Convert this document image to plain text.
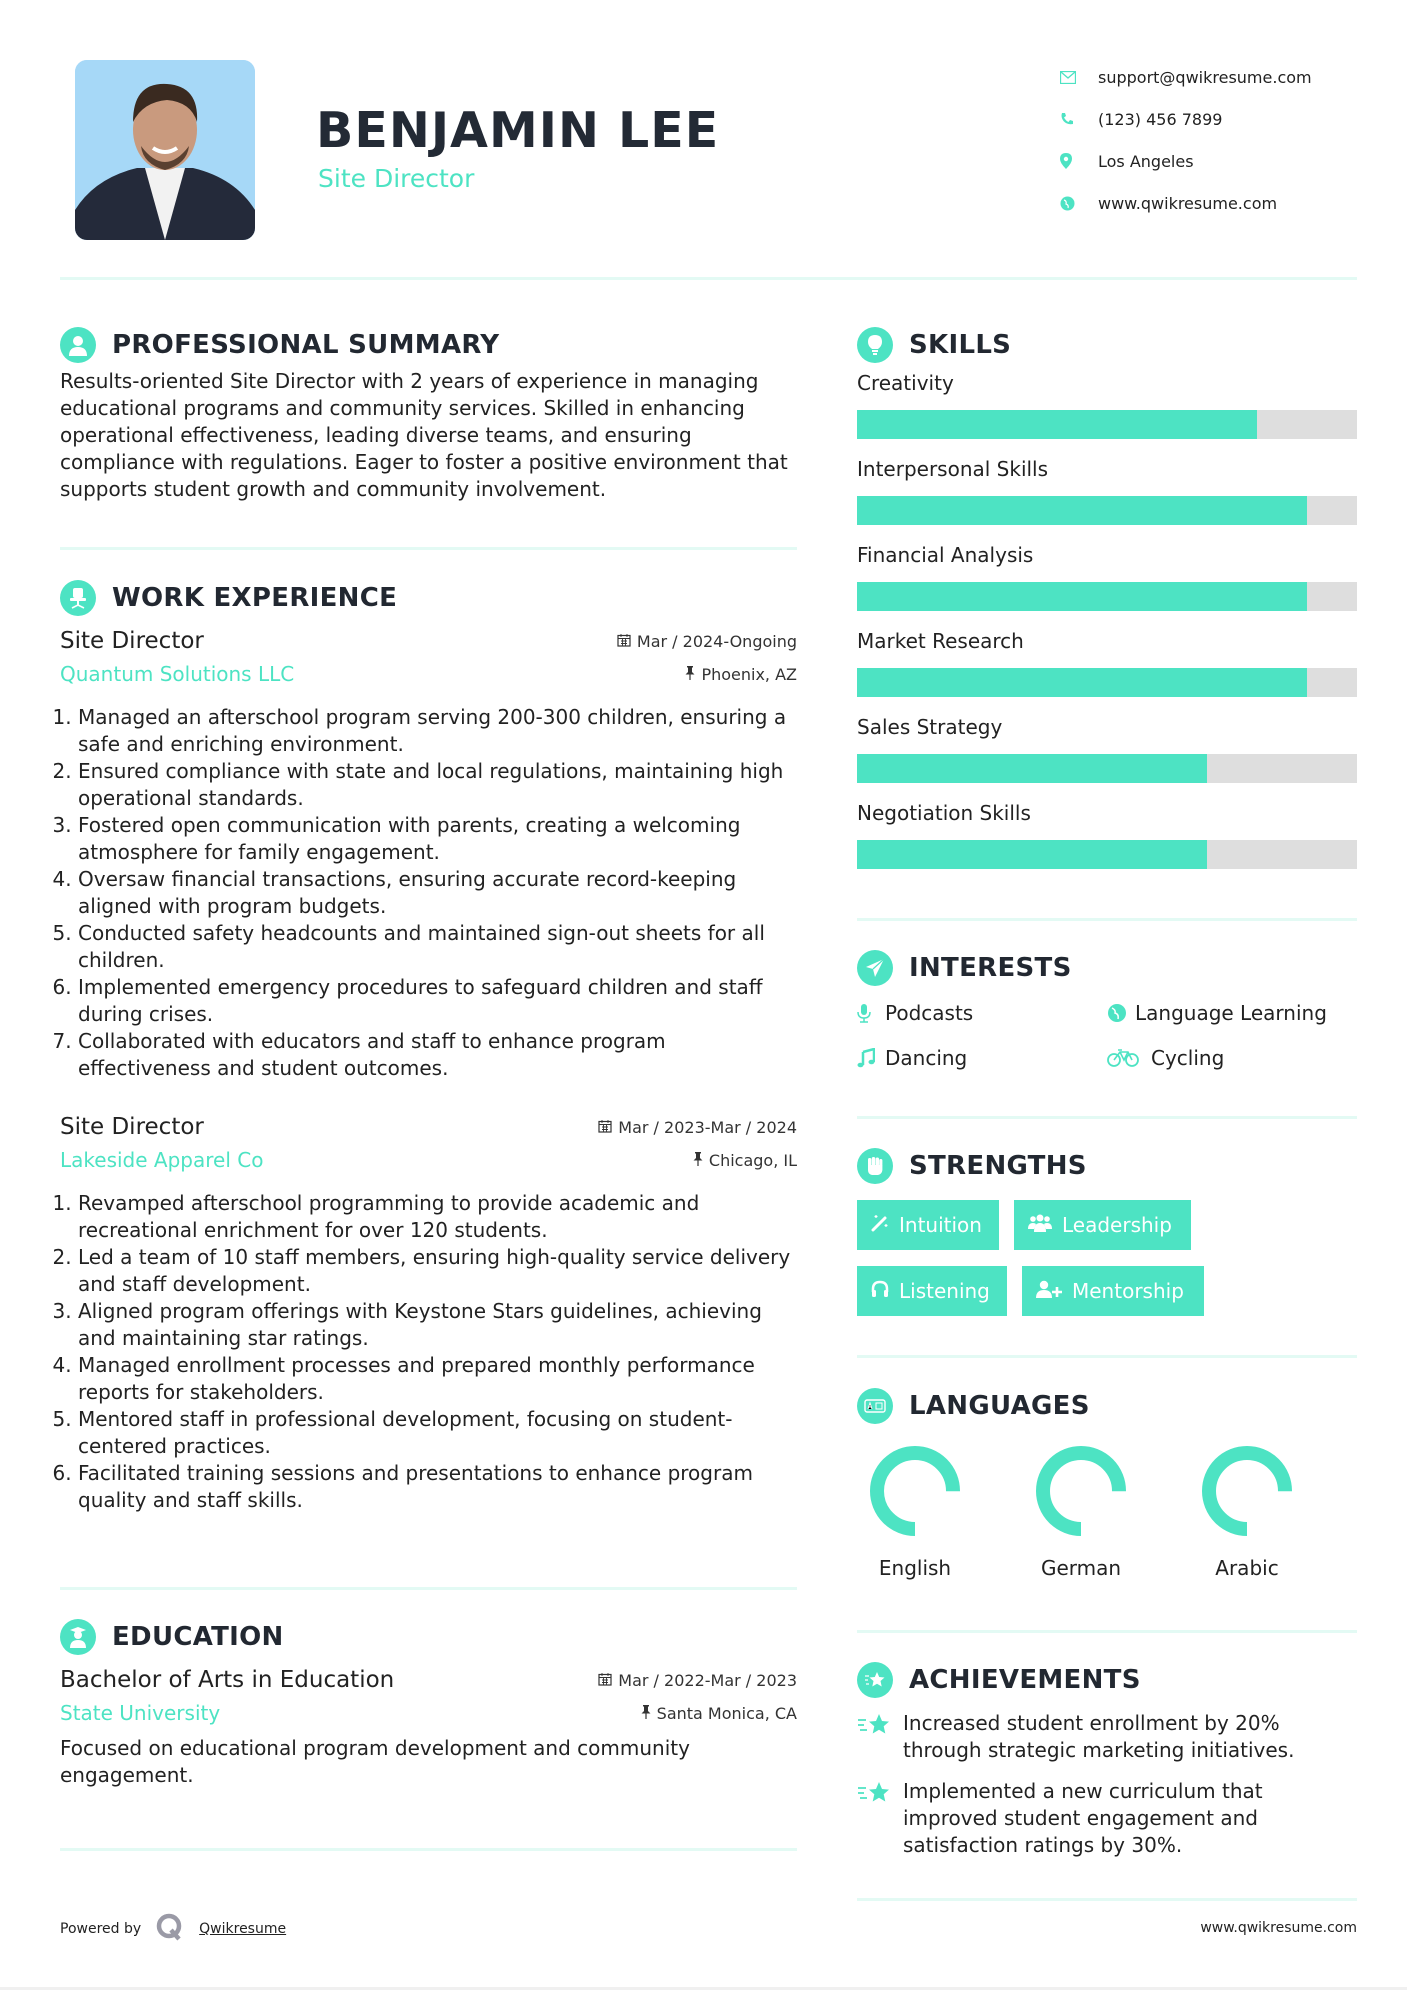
BENJAMIN LEE
Site Director
support@qwikresume.com
(123) 456 7899
Los Angeles
www.qwikresume.com
PROFESSIONAL SUMMARY

Results-oriented Site Director with 2 years of experience in managing educational programs and community services. Skilled in enhancing operational effectiveness, leading diverse teams, and ensuring compliance with regulations. Eager to foster a positive environment that supports student growth and community involvement.

WORK EXPERIENCE
Site Director	Mar / 2024-Ongoing
Quantum Solutions LLC	Phoenix, AZ
1. Managed an afterschool program serving 200-300 children, ensuring a safe and enriching environment.
2. Ensured compliance with state and local regulations, maintaining high operational standards.
3. Fostered open communication with parents, creating a welcoming atmosphere for family engagement.
4. Oversaw financial transactions, ensuring accurate record-keeping aligned with program budgets.
5. Conducted safety headcounts and maintained sign-out sheets for all children.
6. Implemented emergency procedures to safeguard children and staff during crises.
7. Collaborated with educators and staff to enhance program effectiveness and student outcomes.
Site Director	Mar / 2023-Mar / 2024
Lakeside Apparel Co	Chicago, IL
1. Revamped afterschool programming to provide academic and recreational enrichment for over 120 students.
2. Led a team of 10 staff members, ensuring high-quality service delivery and staff development.
3. Aligned program offerings with Keystone Stars guidelines, achieving and maintaining star ratings.
4. Managed enrollment processes and prepared monthly performance reports for stakeholders.
5. Mentored staff in professional development, focusing on student-centered practices.
6. Facilitated training sessions and presentations to enhance program quality and staff skills.
EDUCATION
Bachelor of Arts in Education	Mar / 2022-Mar / 2023
State University	Santa Monica, CA

Focused on educational program development and community engagement.

SKILLS
Creativity
Interpersonal Skills
Financial Analysis
Market Research
Sales Strategy
Negotiation Skills
INTERESTS
Podcasts	Language Learning
Dancing	Cycling
STRENGTHS
Intuition	Leadership
Listening	Mentorship
LANGUAGES
English	German	Arabic
ACHIEVEMENTS
Increased student enrollment by 20% through strategic marketing initiatives.
Implemented a new curriculum that improved student engagement and satisfaction ratings by 30%.
Powered by	Qwikresume	www.qwikresume.com
